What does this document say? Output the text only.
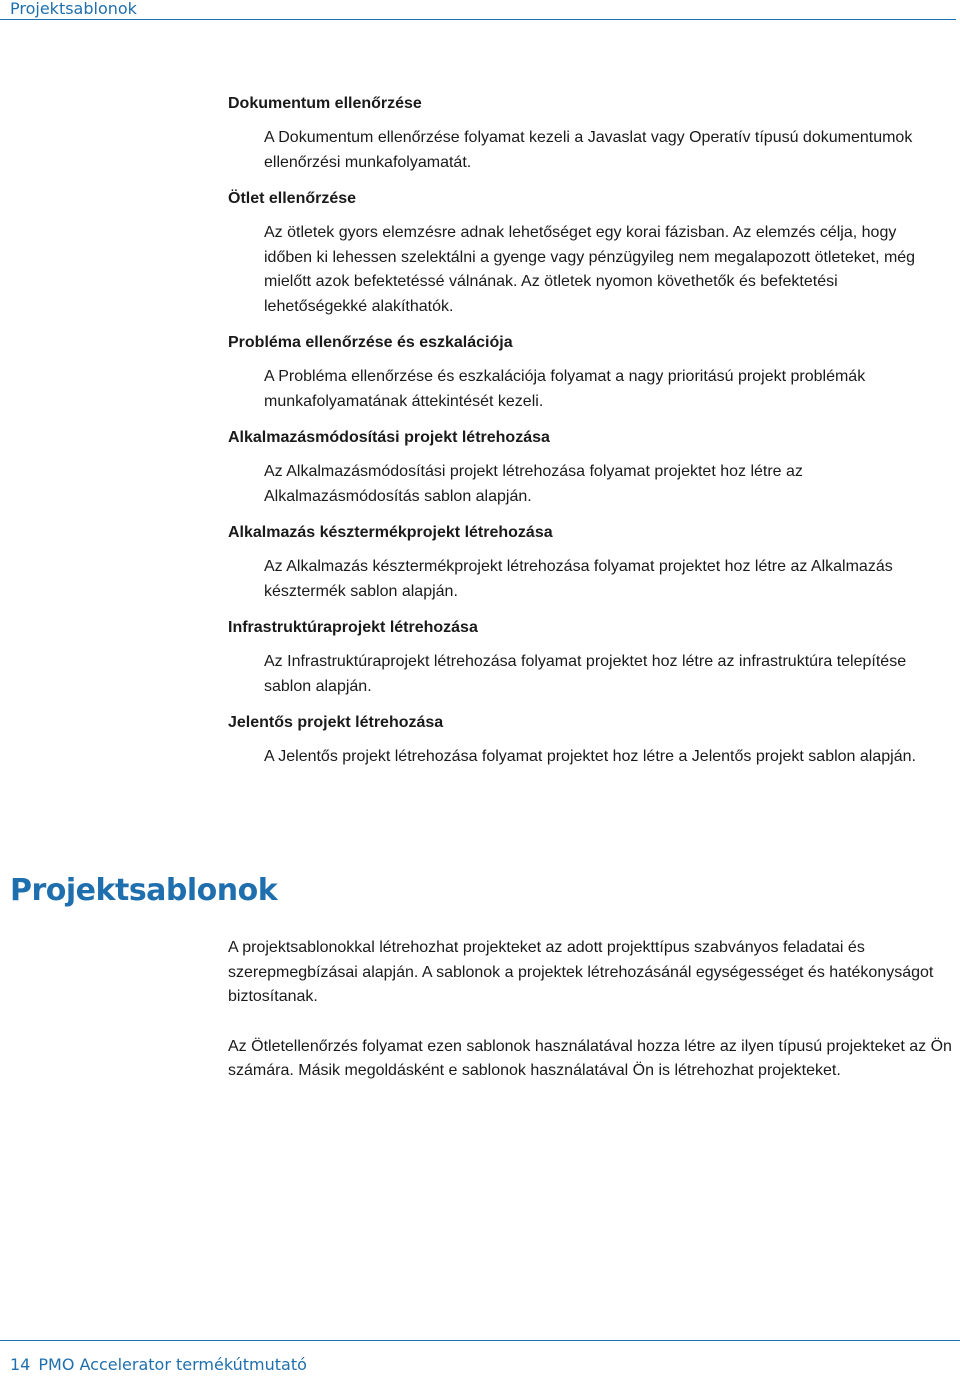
Projektsablonok

Dokumentum ellenőrzése

A Dokumentum ellenőrzése folyamat kezeli a Javaslat vagy Operatív típusú dokumentumok ellenőrzési munkafolyamatát.

Ötlet ellenőrzése

Az ötletek gyors elemzésre adnak lehetőséget egy korai fázisban. Az elemzés célja, hogy időben ki lehessen szelektálni a gyenge vagy pénzügyileg nem megalapozott ötleteket, még mielőtt azok befektetéssé válnának. Az ötletek nyomon követhetők és befektetési lehetőségekké alakíthatók.

Probléma ellenőrzése és eszkalációja

A Probléma ellenőrzése és eszkalációja folyamat a nagy prioritású projekt problémák munkafolyamatának áttekintését kezeli.

Alkalmazásmódosítási projekt létrehozása

Az Alkalmazásmódosítási projekt létrehozása folyamat projektet hoz létre az Alkalmazásmódosítás sablon alapján.

Alkalmazás késztermékprojekt létrehozása

Az Alkalmazás késztermékprojekt létrehozása folyamat projektet hoz létre az Alkalmazás késztermék sablon alapján.

Infrastruktúraprojekt létrehozása

Az Infrastruktúraprojekt létrehozása folyamat projektet hoz létre az infrastruktúra telepítése sablon alapján.

Jelentős projekt létrehozása

A Jelentős projekt létrehozása folyamat projektet hoz létre a Jelentős projekt sablon alapján.

Projektsablonok

A projektsablonokkal létrehozhat projekteket az adott projekttípus szabványos feladatai és szerepmegbízásai alapján. A sablonok a projektek létrehozásánál egységességet és hatékonyságot biztosítanak.

Az Ötletellenőrzés folyamat ezen sablonok használatával hozza létre az ilyen típusú projekteket az Ön számára. Másik megoldásként e sablonok használatával Ön is létrehozhat projekteket.

14 PMO Accelerator termékútmutató
